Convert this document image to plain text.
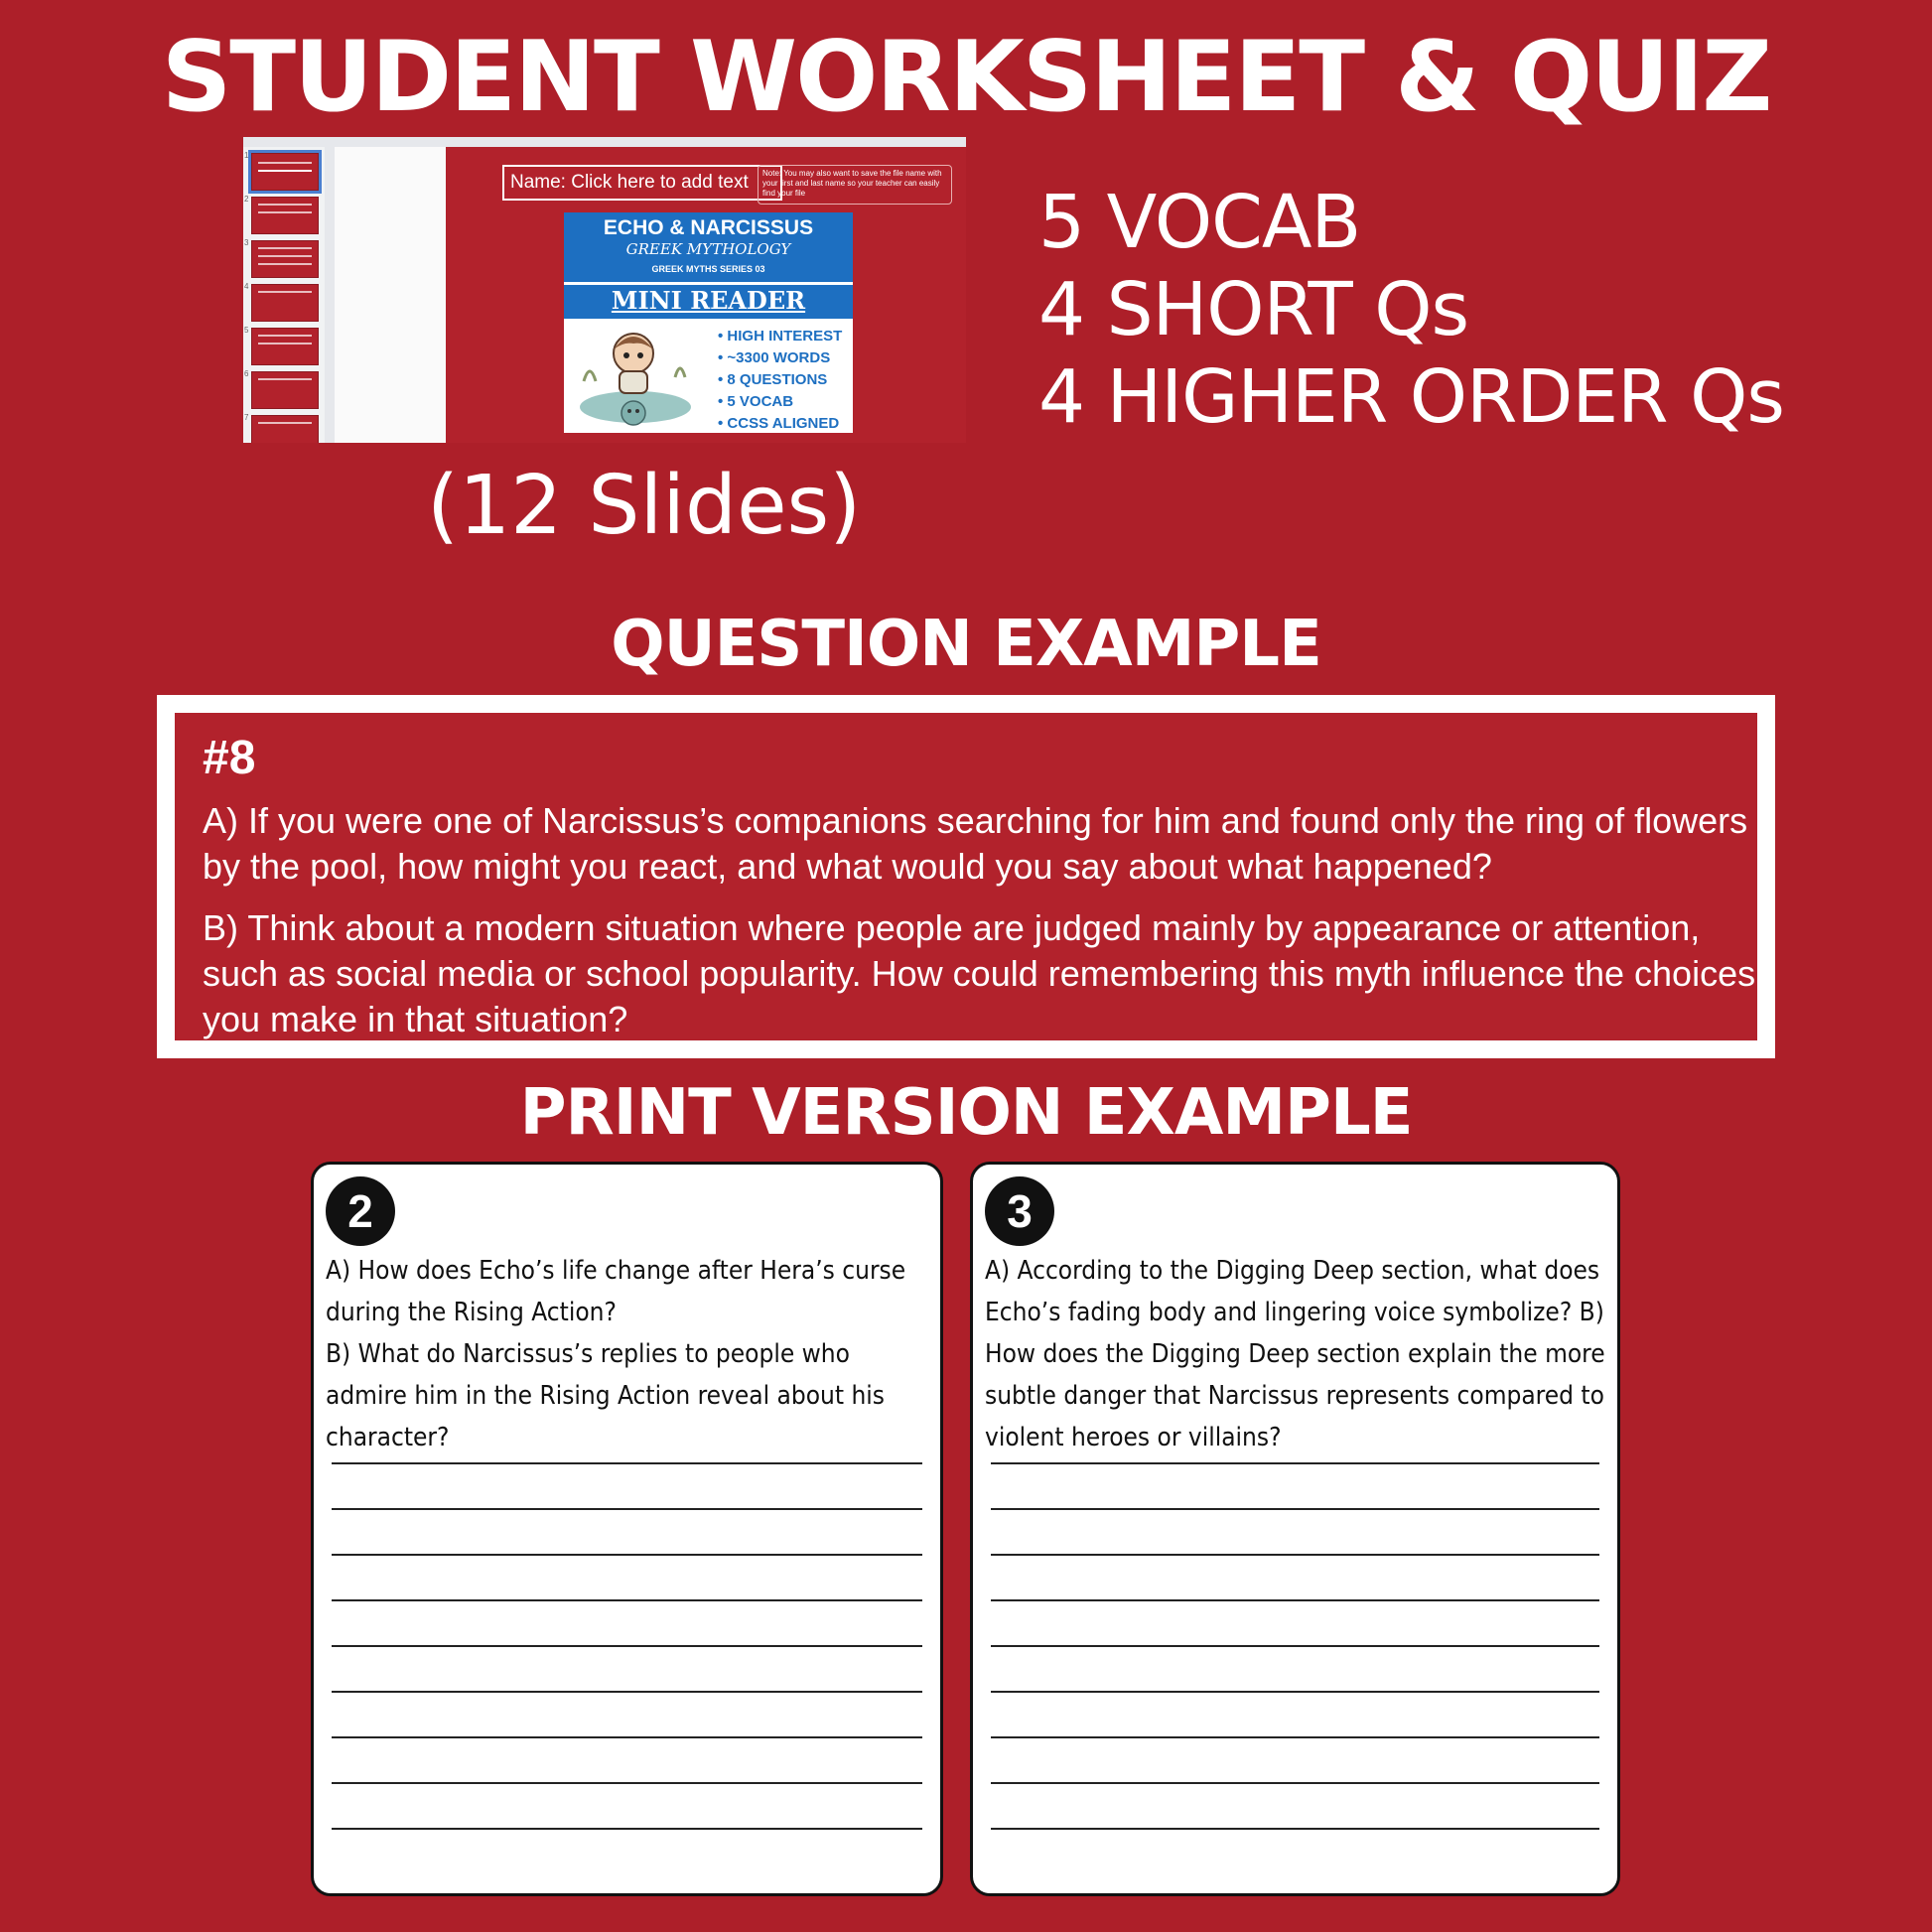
STUDENT WORKSHEET & QUIZ
1
2
3
4
5
6
7
Name: Click here to add text	Note: You may also want to save the file name with your first and last name so your teacher can easily find your file
ECHO & NARCISSUS
GREEK MYTHOLOGY
GREEK MYTHS SERIES 03
MINI READER
• HIGH INTEREST
• ~3300 WORDS
• 8 QUESTIONS
• 5 VOCAB
• CCSS ALIGNED
(12 Slides)
5 VOCAB
4 SHORT Qs
4 HIGHER ORDER Qs
QUESTION EXAMPLE
#8
A) If you were one of Narcissus’s companions searching for him and found only the ring of flowers by the pool, how might you react, and what would you say about what happened?
B) Think about a modern situation where people are judged mainly by appearance or attention, such as social media or school popularity. How could remembering this myth influence the choices you make in that situation?
PRINT VERSION EXAMPLE
2
A) How does Echo’s life change after Hera’s curse during the Rising Action?
B) What do Narcissus’s replies to people who admire him in the Rising Action reveal about his character?
3
A) According to the Digging Deep section, what does Echo’s fading body and lingering voice symbolize? B) How does the Digging Deep section explain the more subtle danger that Narcissus represents compared to violent heroes or villains?
